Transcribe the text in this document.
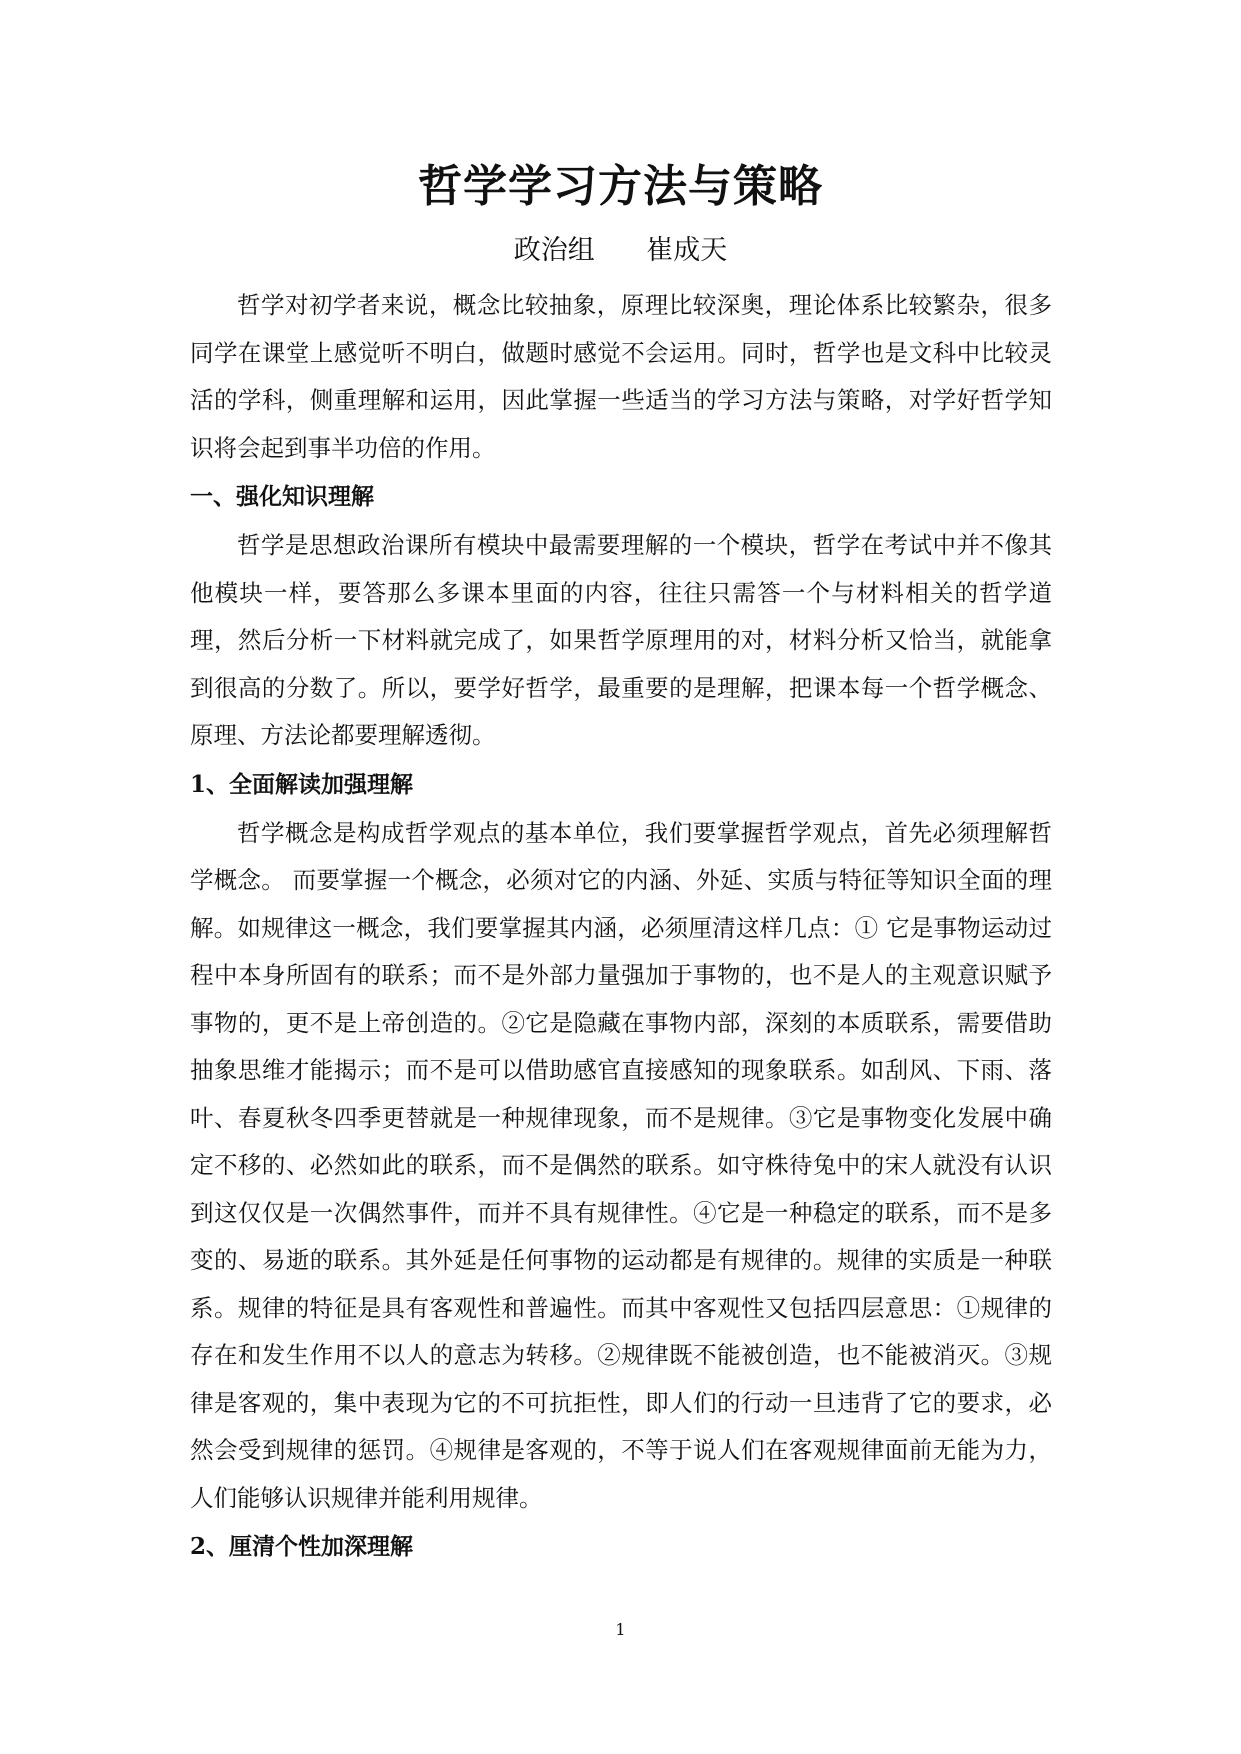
哲学学习方法与策略
政治组      崔成天

哲学对初学者来说，概念比较抽象，原理比较深奥，理论体系比较繁杂，很多同学在课堂上感觉听不明白，做题时感觉不会运用。同时，哲学也是文科中比较灵活的学科，侧重理解和运用，因此掌握一些适当的学习方法与策略，对学好哲学知识将会起到事半功倍的作用。

一、强化知识理解

哲学是思想政治课所有模块中最需要理解的一个模块，哲学在考试中并不像其他模块一样，要答那么多课本里面的内容，往往只需答一个与材料相关的哲学道理，然后分析一下材料就完成了，如果哲学原理用的对，材料分析又恰当，就能拿到很高的分数了。所以，要学好哲学，最重要的是理解，把课本每一个哲学概念、原理、方法论都要理解透彻。

1、全面解读加强理解

哲学概念是构成哲学观点的基本单位，我们要掌握哲学观点，首先必须理解哲学概念。 而要掌握一个概念，必须对它的内涵、外延、实质与特征等知识全面的理解。如规律这一概念，我们要掌握其内涵，必须厘清这样几点：① 它是事物运动过程中本身所固有的联系；而不是外部力量强加于事物的，也不是人的主观意识赋予事物的，更不是上帝创造的。②它是隐藏在事物内部，深刻的本质联系，需要借助抽象思维才能揭示；而不是可以借助感官直接感知的现象联系。如刮风、下雨、落叶、春夏秋冬四季更替就是一种规律现象，而不是规律。③它是事物变化发展中确定不移的、必然如此的联系，而不是偶然的联系。如守株待兔中的宋人就没有认识到这仅仅是一次偶然事件，而并不具有规律性。④它是一种稳定的联系，而不是多变的、易逝的联系。其外延是任何事物的运动都是有规律的。规律的实质是一种联系。规律的特征是具有客观性和普遍性。而其中客观性又包括四层意思：①规律的存在和发生作用不以人的意志为转移。②规律既不能被创造，也不能被消灭。③规律是客观的，集中表现为它的不可抗拒性，即人们的行动一旦违背了它的要求，必然会受到规律的惩罚。④规律是客观的，不等于说人们在客观规律面前无能为力，人们能够认识规律并能利用规律。

2、厘清个性加深理解
1
